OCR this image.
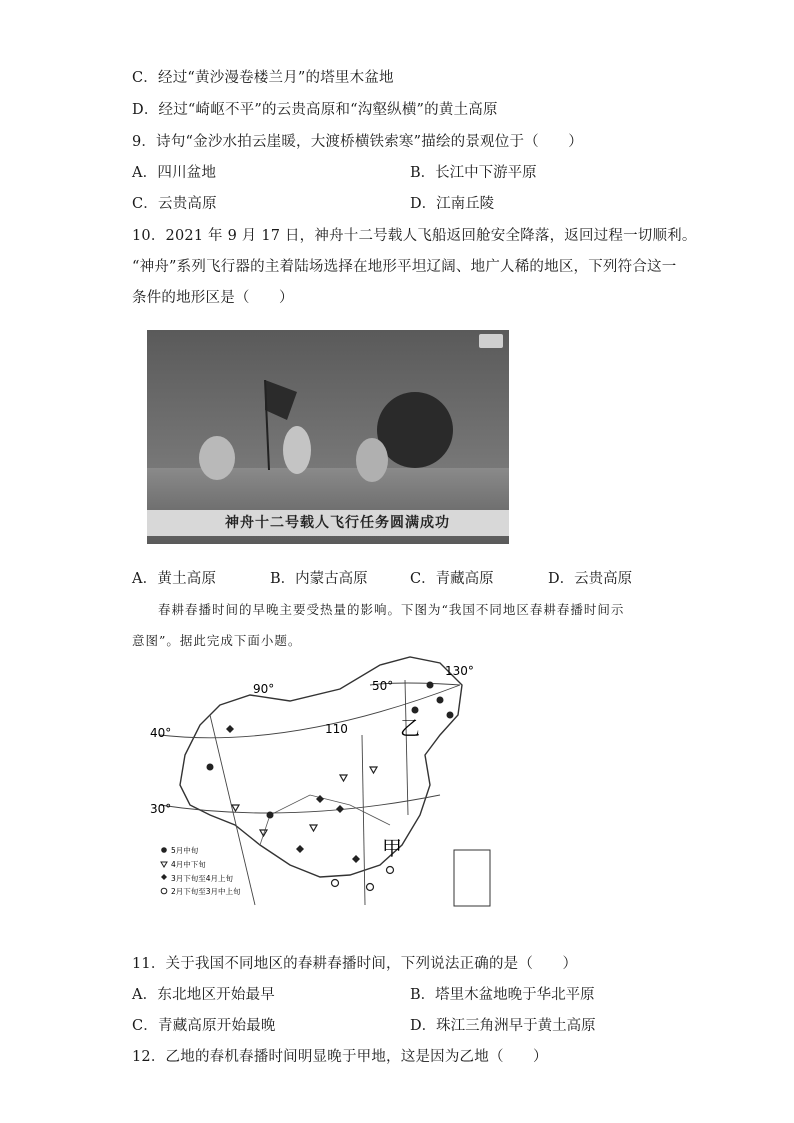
C．经过“黄沙漫卷楼兰月”的塔里木盆地
D．经过“崎岖不平”的云贵高原和“沟壑纵横”的黄土高原
9．诗句“金沙水拍云崖暖，大渡桥横铁索寒”描绘的景观位于（　　）
A．四川盆地	B．长江中下游平原
C．云贵高原	D．江南丘陵
10．2021 年 9 月 17 日，神舟十二号载人飞船返回舱安全降落，返回过程一切顺利。
“神舟”系列飞行器的主着陆场选择在地形平坦辽阔、地广人稀的地区，下列符合这一
条件的地形区是（　　）
神舟十二号载人飞行任务圆满成功
A．黄土高原	B．内蒙古高原	C．青藏高原	D．云贵高原
春耕春播时间的早晚主要受热量的影响。下图为“我国不同地区春耕春播时间示
意图”。据此完成下面小题。
130°
50°
90°
110
40°
30°
乙
甲
5月中旬
4月中下旬
3月下旬至4月上旬
2月下旬至3月中上旬
11．关于我国不同地区的春耕春播时间，下列说法正确的是（　　）
A．东北地区开始最早	B．塔里木盆地晚于华北平原
C．青藏高原开始最晚	D．珠江三角洲早于黄土高原
12．乙地的春机春播时间明显晚于甲地，这是因为乙地（　　）
